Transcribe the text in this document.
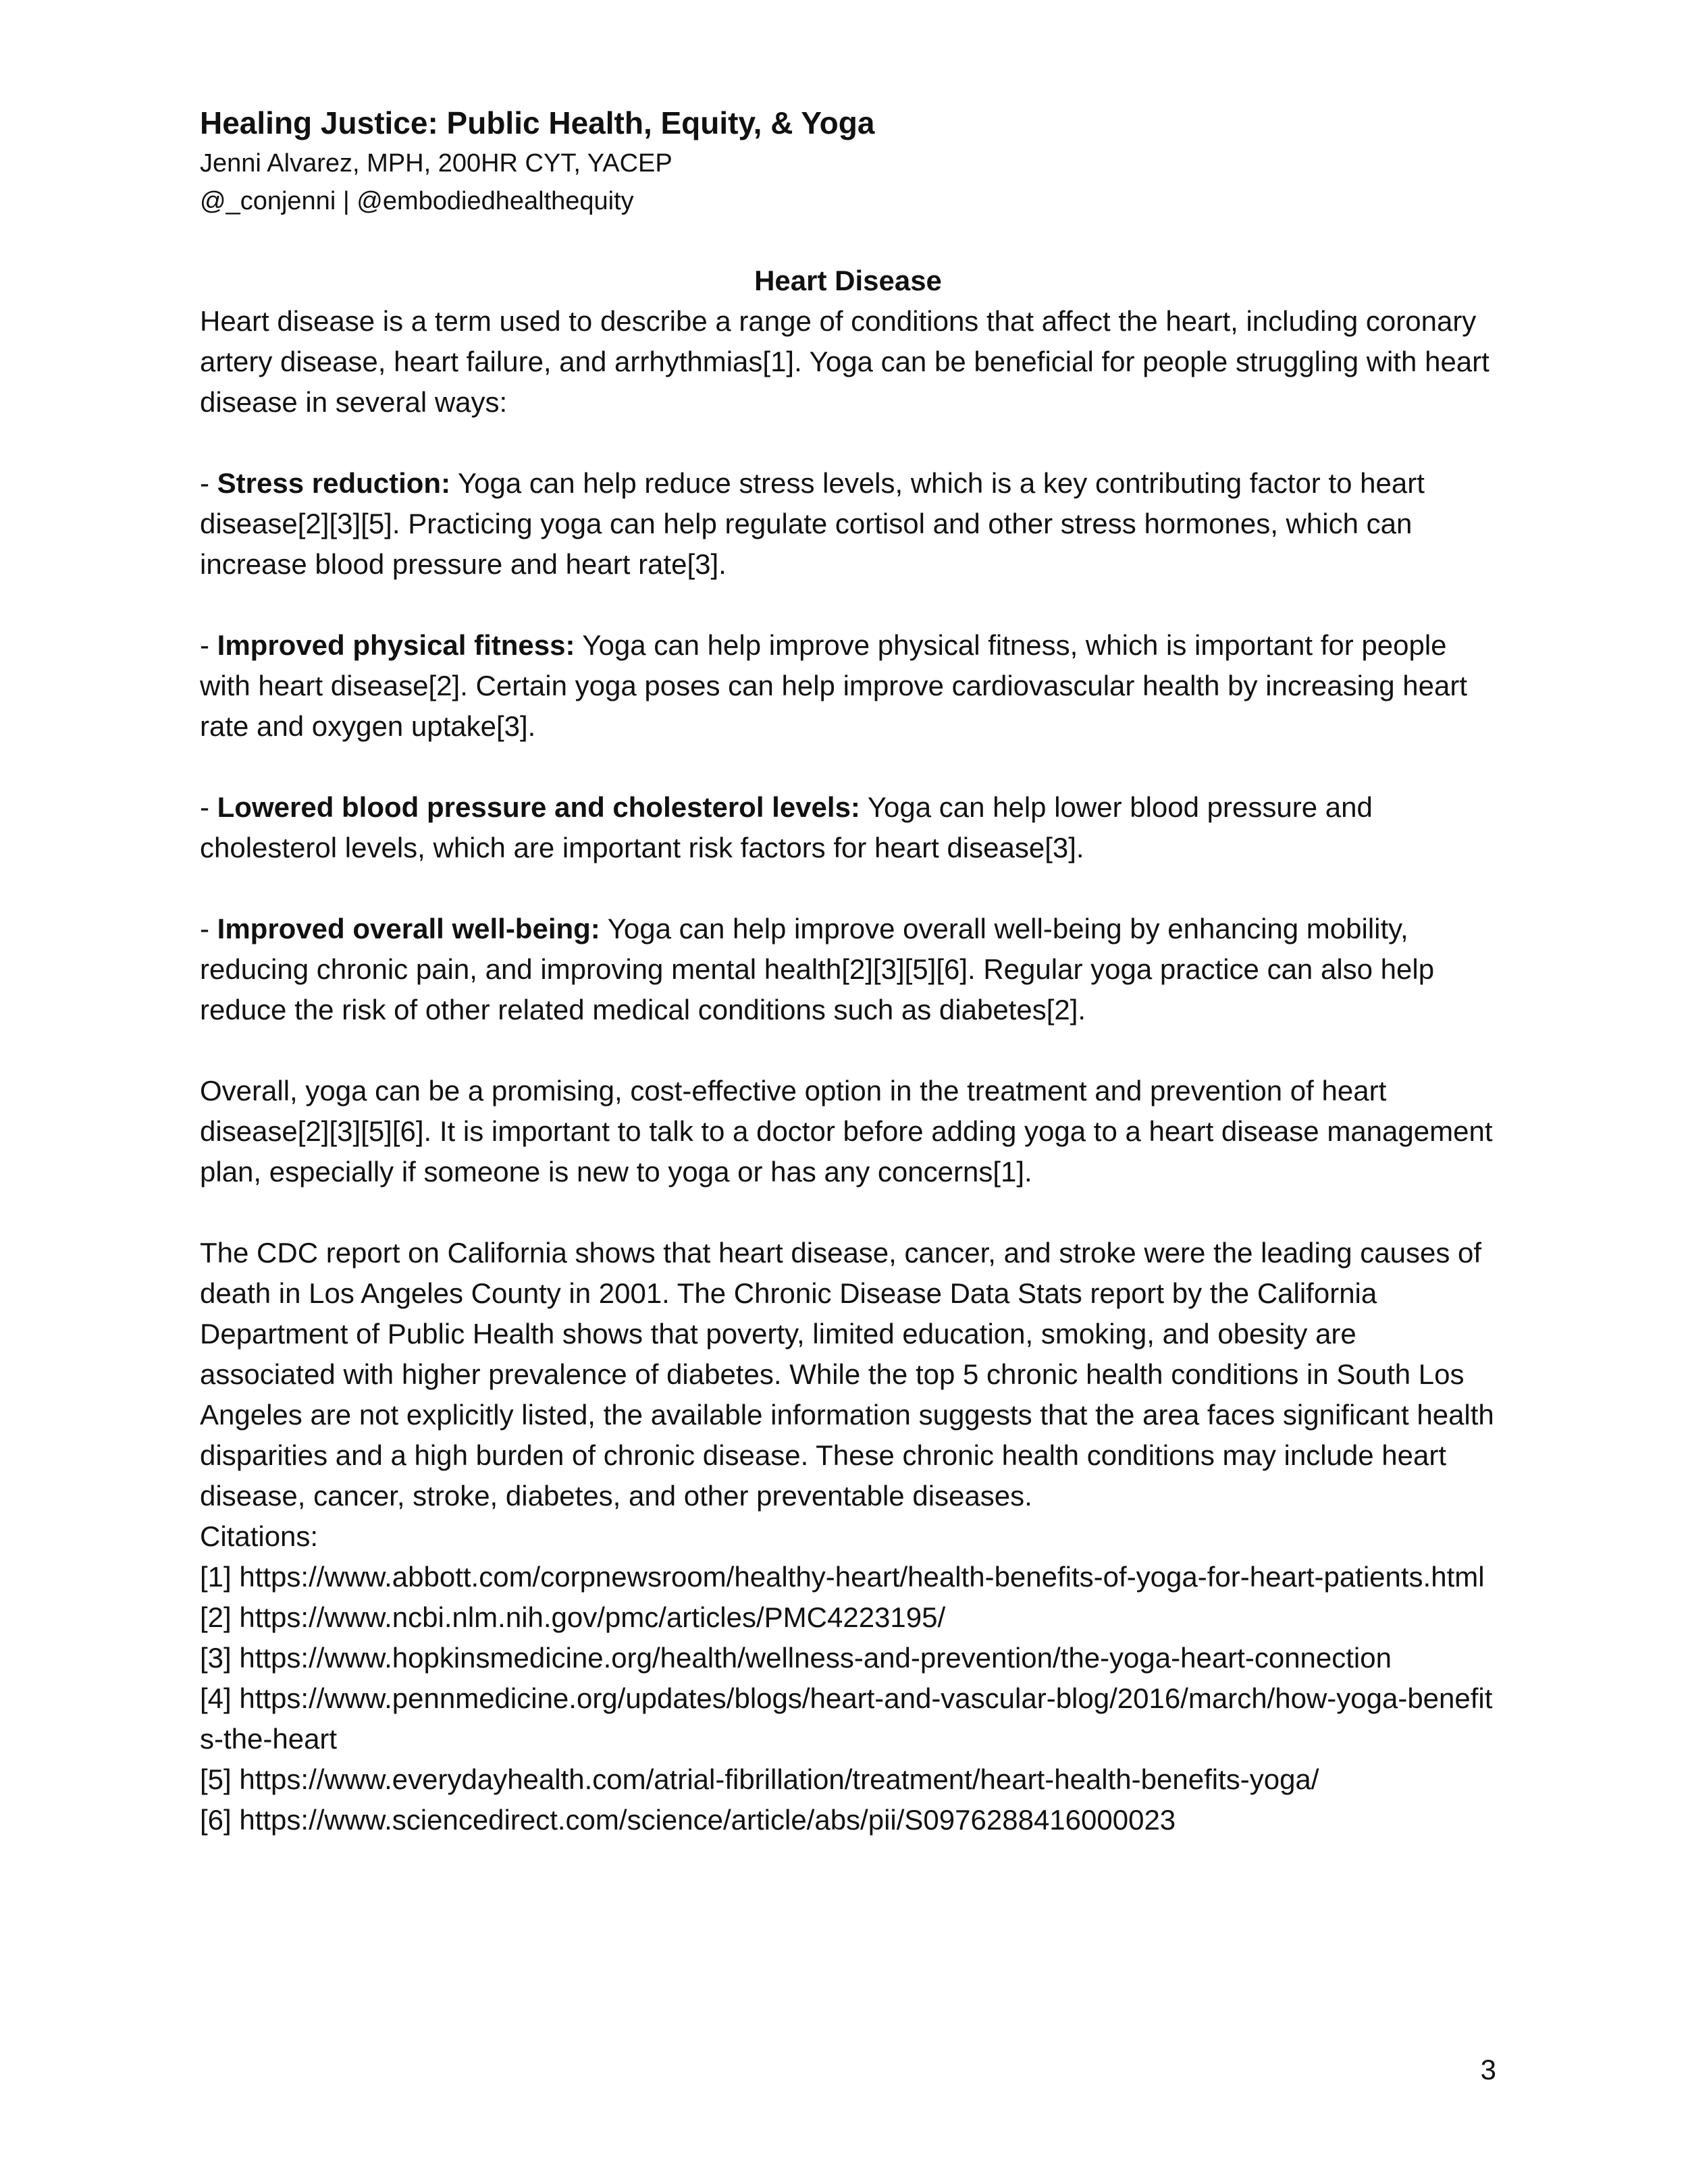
Healing Justice: Public Health, Equity, & Yoga
Jenni Alvarez, MPH, 200HR CYT, YACEP
@_conjenni | @embodiedhealthequity
Heart Disease

Heart disease is a term used to describe a range of conditions that affect the heart, including coronary artery disease, heart failure, and arrhythmias[1]. Yoga can be beneficial for people struggling with heart disease in several ways:

- Stress reduction: Yoga can help reduce stress levels, which is a key contributing factor to heart disease[2][3][5]. Practicing yoga can help regulate cortisol and other stress hormones, which can increase blood pressure and heart rate[3].

- Improved physical fitness: Yoga can help improve physical fitness, which is important for people with heart disease[2]. Certain yoga poses can help improve cardiovascular health by increasing heart rate and oxygen uptake[3].

- Lowered blood pressure and cholesterol levels: Yoga can help lower blood pressure and cholesterol levels, which are important risk factors for heart disease[3].

- Improved overall well-being: Yoga can help improve overall well-being by enhancing mobility, reducing chronic pain, and improving mental health[2][3][5][6]. Regular yoga practice can also help reduce the risk of other related medical conditions such as diabetes[2].

Overall, yoga can be a promising, cost-effective option in the treatment and prevention of heart disease[2][3][5][6]. It is important to talk to a doctor before adding yoga to a heart disease management plan, especially if someone is new to yoga or has any concerns[1].

The CDC report on California shows that heart disease, cancer, and stroke were the leading causes of death in Los Angeles County in 2001. The Chronic Disease Data Stats report by the California Department of Public Health shows that poverty, limited education, smoking, and obesity are associated with higher prevalence of diabetes. While the top 5 chronic health conditions in South Los Angeles are not explicitly listed, the available information suggests that the area faces significant health disparities and a high burden of chronic disease. These chronic health conditions may include heart disease, cancer, stroke, diabetes, and other preventable diseases.

Citations:
[1] https://www.abbott.com/corpnewsroom/healthy-heart/health-benefits-of-yoga-for-heart-patients.html
[2] https://www.ncbi.nlm.nih.gov/pmc/articles/PMC4223195/
[3] https://www.hopkinsmedicine.org/health/wellness-and-prevention/the-yoga-heart-connection
[4] https://www.pennmedicine.org/updates/blogs/heart-and-vascular-blog/2016/march/how-yoga-benefits-the-heart
[5] https://www.everydayhealth.com/atrial-fibrillation/treatment/heart-health-benefits-yoga/
[6] https://www.sciencedirect.com/science/article/abs/pii/S0976288416000023
3
